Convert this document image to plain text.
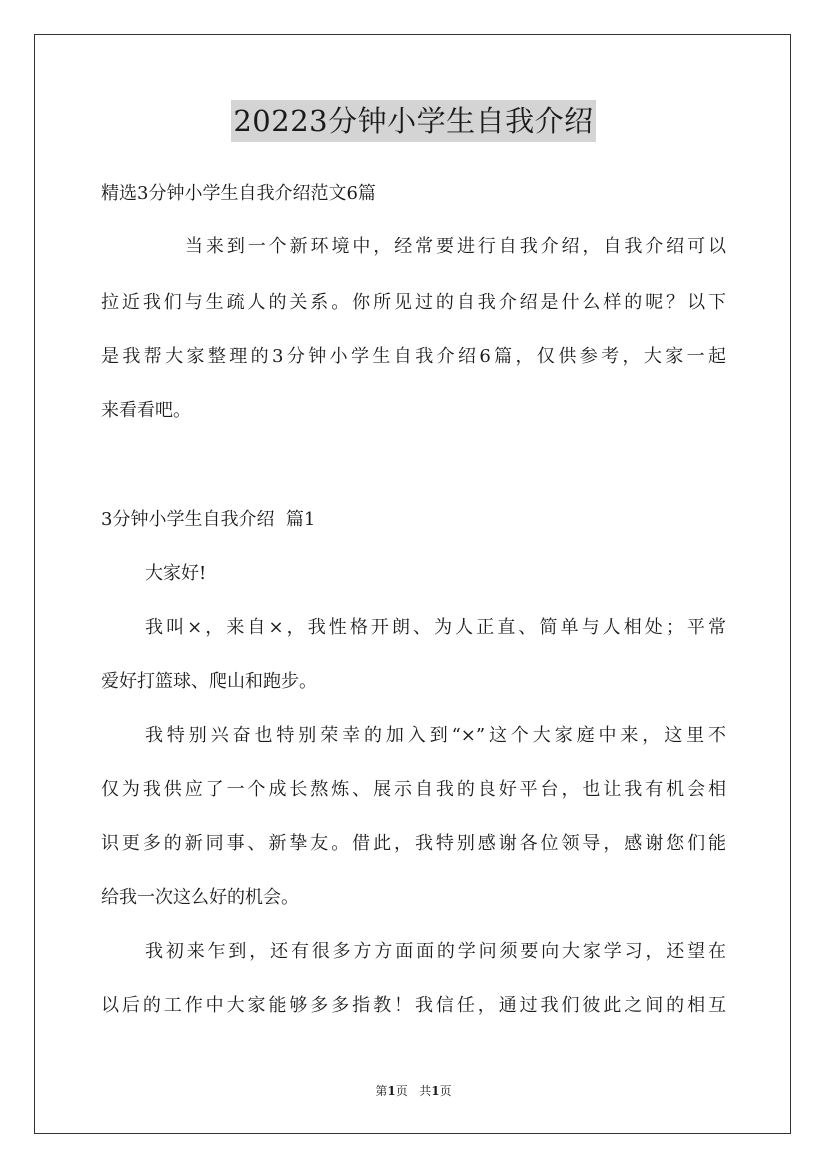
20223分钟小学生自我介绍
精选3分钟小学生自我介绍范文6篇
当来到一个新环境中，经常要进行自我介绍，自我介绍可以
拉近我们与生疏人的关系。你所见过的自我介绍是什么样的呢？以下
是我帮大家整理的3分钟小学生自我介绍6篇，仅供参考，大家一起
来看看吧。
3分钟小学生自我介绍  篇1
大家好!
我叫×，来自×，我性格开朗、为人正直、简单与人相处；平常
爱好打篮球、爬山和跑步。
我特别兴奋也特别荣幸的加入到“×”这个大家庭中来，这里不
仅为我供应了一个成长熬炼、展示自我的良好平台，也让我有机会相
识更多的新同事、新挚友。借此，我特别感谢各位领导，感谢您们能
给我一次这么好的机会。
我初来乍到，还有很多方方面面的学问须要向大家学习，还望在
以后的工作中大家能够多多指教！我信任，通过我们彼此之间的相互
第1页 共1页
